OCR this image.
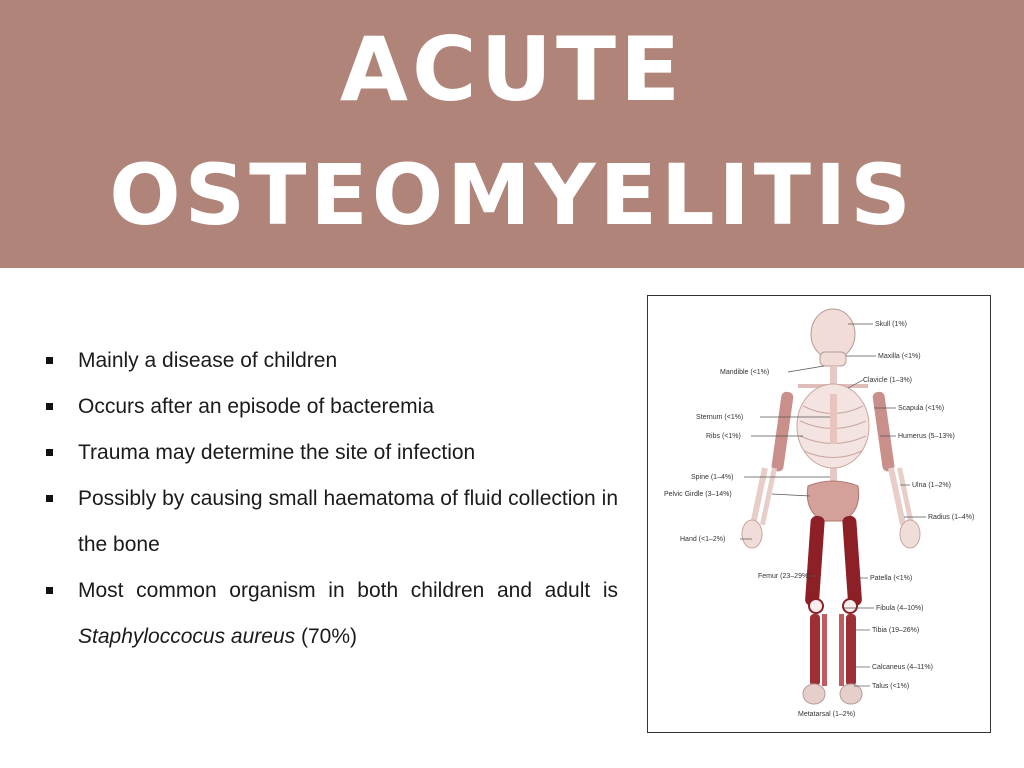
ACUTE
OSTEOMYELITIS
Mainly a disease of children
Occurs after an episode of bacteremia
Trauma may determine the site of infection
Possibly by causing small haematoma of fluid collection in the bone
Most common organism in both children and adult is Staphyloccocus aureus (70%)
Skull (1%)
Maxilla (<1%)
Mandible (<1%)
Clavicle (1–3%)
Sternum (<1%)
Scapula (<1%)
Ribs (<1%)	Humerus (5–13%)
Spine (1–4%)
Ulna (1–2%)
Pelvic Girdle (3–14%)
Radius (1–4%)
Hand (<1–2%)
Femur (23–29%)	Patella (<1%)
Fibula (4–10%)
Tibia (19–26%)
Calcaneus (4–11%)
Talus (<1%)
Metatarsal (1–2%)
